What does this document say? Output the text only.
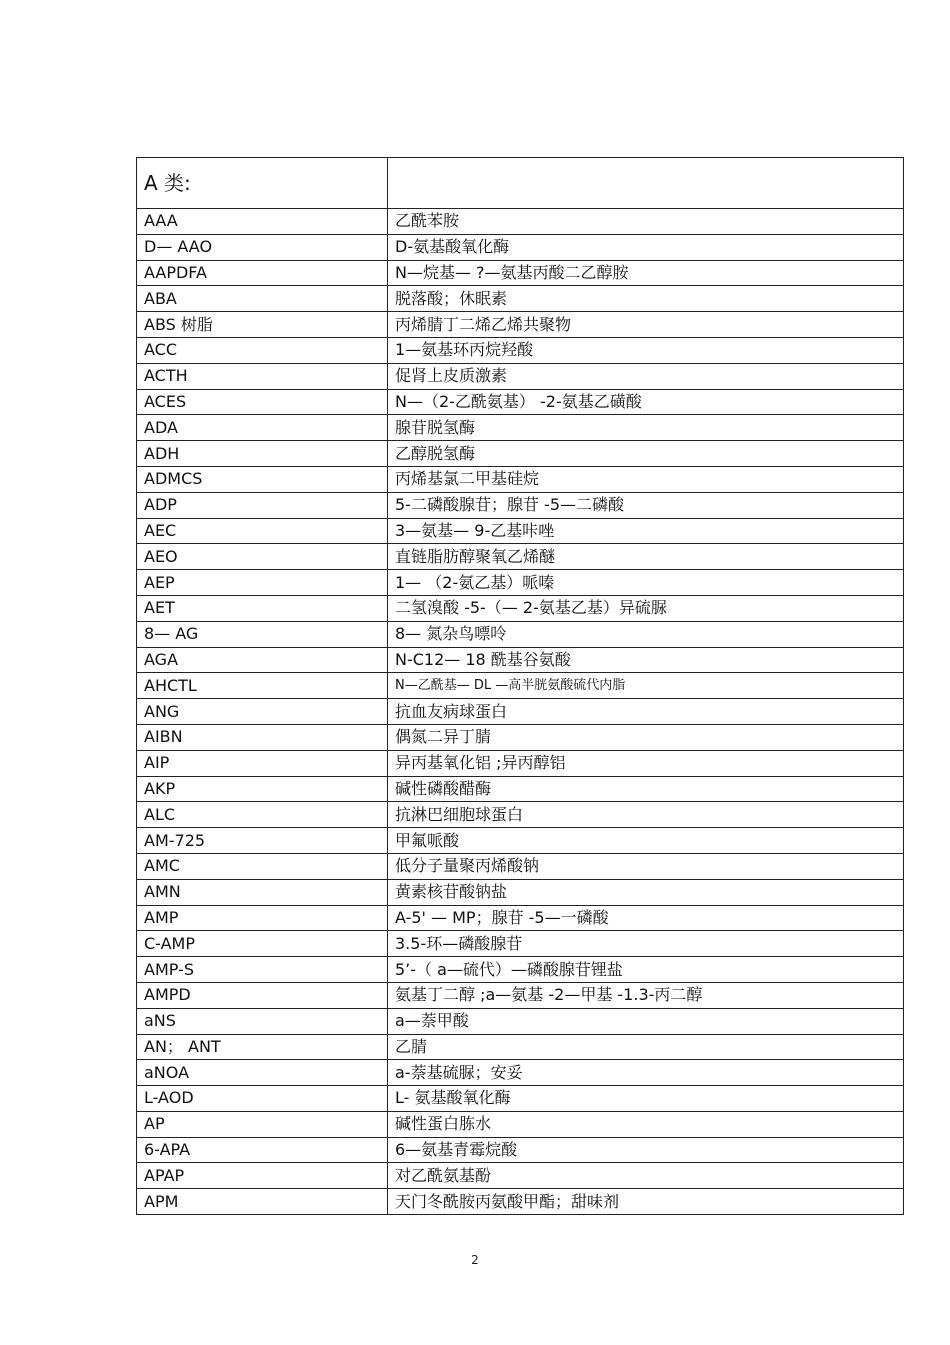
A 类:	
AAA	乙酰苯胺
D— AAO	D-氨基酸氧化酶
AAPDFA	N—烷基— ?—氨基丙酸二乙醇胺
ABA	脱落酸；休眠素
ABS 树脂	丙烯腈丁二烯乙烯共聚物
ACC	1—氨基环丙烷羟酸
ACTH	促肾上皮质激素
ACES	N—（2-乙酰氨基） -2-氨基乙磺酸
ADA	腺苷脱氢酶
ADH	乙醇脱氢酶
ADMCS	丙烯基氯二甲基硅烷
ADP	5-二磷酸腺苷；腺苷 -5—二磷酸
AEC	3—氨基— 9-乙基咔唑
AEO	直链脂肪醇聚氧乙烯醚
AEP	1— （2-氨乙基）哌嗪
AET	二氢溴酸 -5-（— 2-氨基乙基）异硫脲
8— AG	8— 氮杂鸟嘌呤
AGA	N-C12— 18 酰基谷氨酸
AHCTL	N—乙酰基— DL —高半胱氨酸硫代内脂
ANG	抗血友病球蛋白
AIBN	偶氮二异丁腈
AIP	异丙基氧化铝 ;异丙醇铝
AKP	碱性磷酸醋酶
ALC	抗淋巴细胞球蛋白
AM-725	甲氟哌酸
AMC	低分子量聚丙烯酸钠
AMN	黄素核苷酸钠盐
AMP	A-5' — MP；腺苷 -5—一磷酸
C-AMP	3.5-环—磷酸腺苷
AMP-S	5’-（ a—硫代）—磷酸腺苷锂盐
AMPD	氨基丁二醇 ;a—氨基 -2—甲基 -1.3-丙二醇
aNS	a—萘甲酸
AN； ANT	乙腈
aNOA	a-萘基硫脲；安妥
L-AOD	L- 氨基酸氧化酶
AP	碱性蛋白胨水
6-APA	6—氨基青霉烷酸
APAP	对乙酰氨基酚
APM	天门冬酰胺丙氨酸甲酯；甜味剂
2
